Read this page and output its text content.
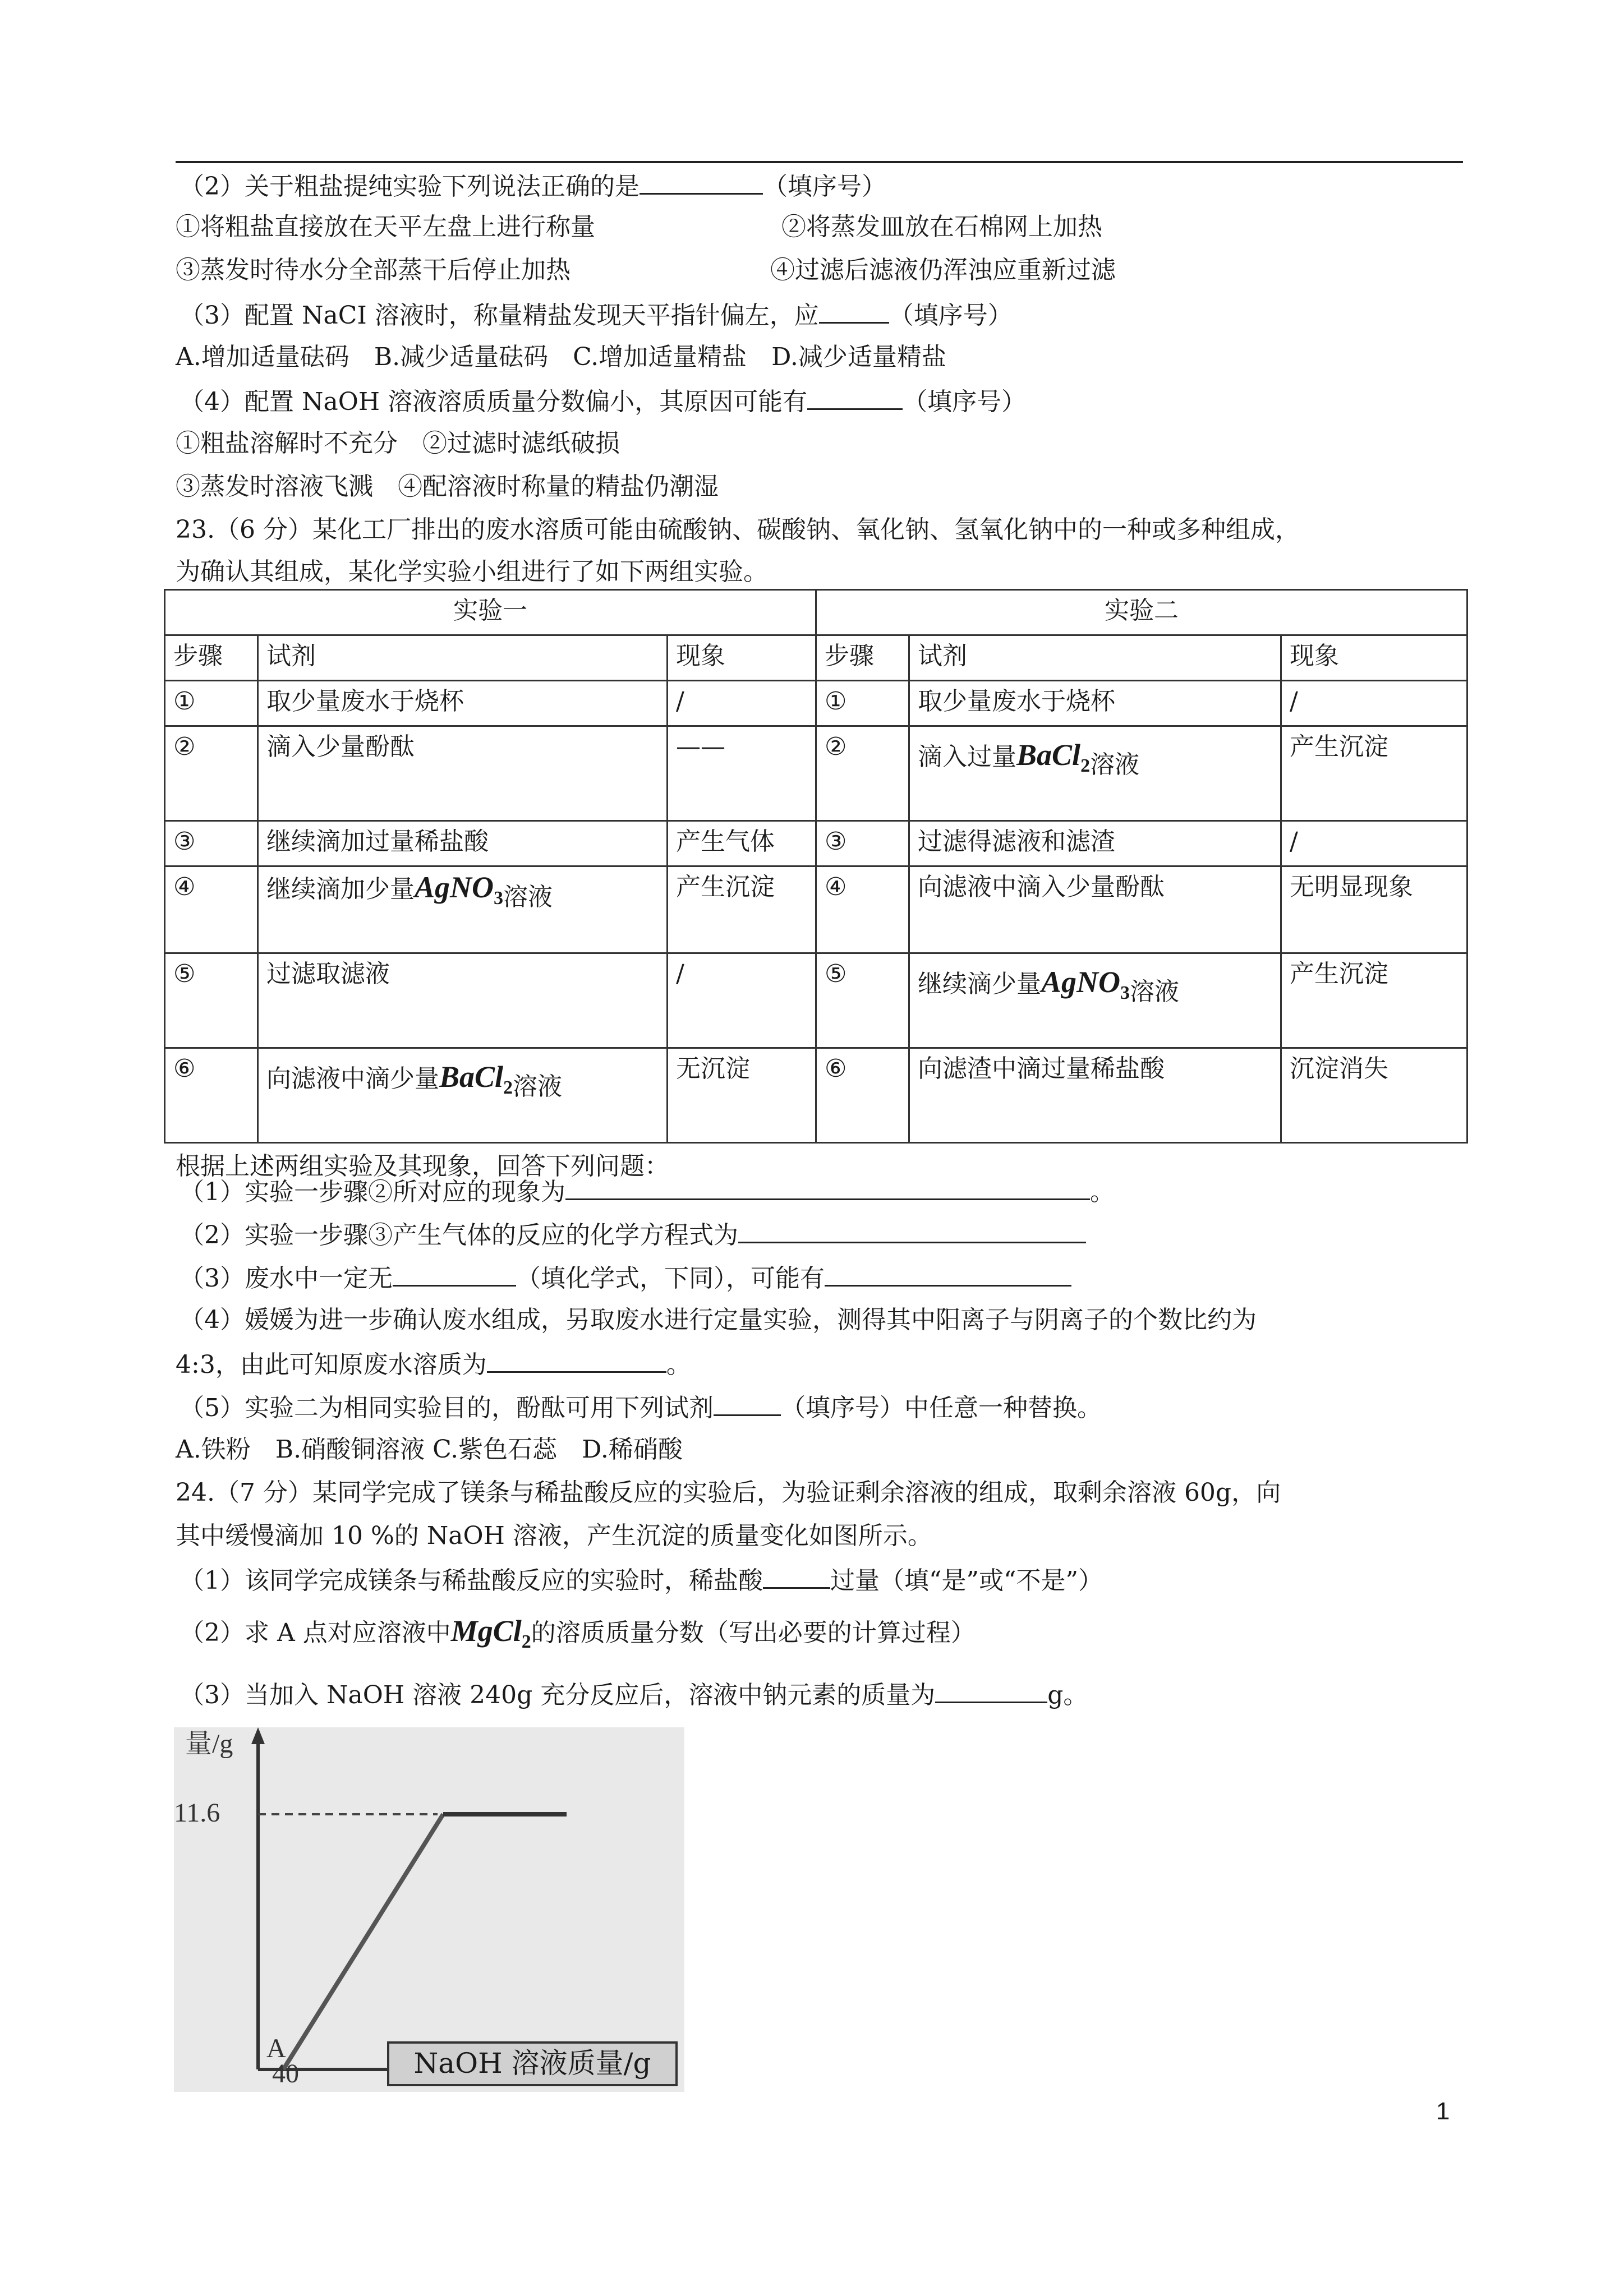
（2）关于粗盐提纯实验下列说法正确的是	（填序号）
①将粗盐直接放在天平左盘上进行称量	②将蒸发皿放在石棉网上加热
③蒸发时待水分全部蒸干后停止加热	④过滤后滤液仍浑浊应重新过滤
（3）配置 NaCI 溶液时，称量精盐发现天平指针偏左，应	（填序号）
A.增加适量砝码　B.减少适量砝码　C.增加适量精盐　D.减少适量精盐
（4）配置 NaOH 溶液溶质质量分数偏小，其原因可能有	（填序号）
①粗盐溶解时不充分　②过滤时滤纸破损
③蒸发时溶液飞溅　④配溶液时称量的精盐仍潮湿
23.（6 分）某化工厂排出的废水溶质可能由硫酸钠、碳酸钠、氧化钠、氢氧化钠中的一种或多种组成，
为确认其组成，某化学实验小组进行了如下两组实验。
实验一			实验二		
步骤	试剂	现象	步骤	试剂	现象
①	取少量废水于烧杯	/	①	取少量废水于烧杯	/
②	滴入少量酚酞	——	②	滴入过量BaCl$_2$溶液	产生沉淀
③	继续滴加过量稀盐酸	产生气体	③	过滤得滤液和滤渣	/
④	继续滴加少量AgNO$_3$溶液	产生沉淀	④	向滤液中滴入少量酚酞	无明显现象
⑤	过滤取滤液	/	⑤	继续滴少量AgNO$_3$溶液	产生沉淀
⑥	向滤液中滴少量BaCl$_2$溶液	无沉淀	⑥	向滤渣中滴过量稀盐酸	沉淀消失
根据上述两组实验及其现象，回答下列问题：
（1）实验一步骤②所对应的现象为	。
（2）实验一步骤③产生气体的反应的化学方程式为
（3）废水中一定无	（填化学式，下同），可能有
（4）媛媛为进一步确认废水组成，另取废水进行定量实验，测得其中阳离子与阴离子的个数比约为
4:3，由此可知原废水溶质为	。
（5）实验二为相同实验目的，酚酞可用下列试剂	（填序号）中任意一种替换。
A.铁粉　B.硝酸铜溶液 C.紫色石蕊　D.稀硝酸
24.（7 分）某同学完成了镁条与稀盐酸反应的实验后，为验证剩余溶液的组成，取剩余溶液 60g，向
其中缓慢滴加 10 %的 NaOH 溶液，产生沉淀的质量变化如图所示。
（1）该同学完成镁条与稀盐酸反应的实验时，稀盐酸	过量（填“是”或“不是”）
（2）求 A 点对应溶液中MgCl$_2$的溶质质量分数（写出必要的计算过程）
（3）当加入 NaOH 溶液 240g 充分反应后，溶液中钠元素的质量为	g。
量/g
11.6
A
40	NaOH 溶液质量/g
1
